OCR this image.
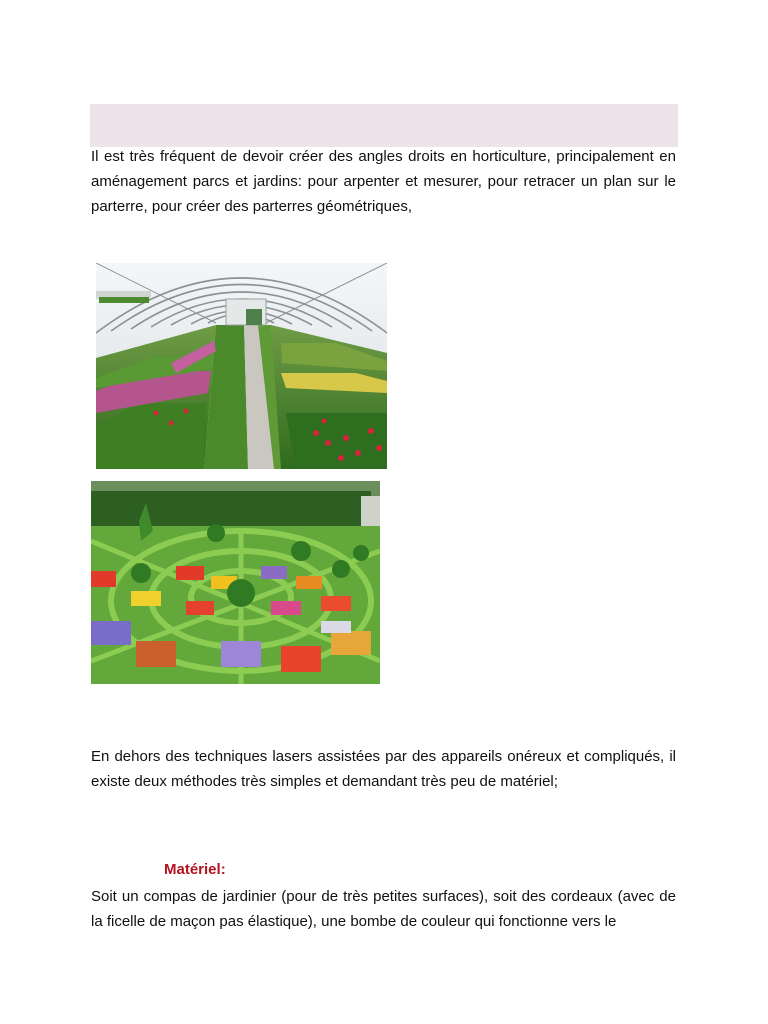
Il est très fréquent de devoir créer des angles droits en horticulture, principalement en aménagement parcs et jardins: pour arpenter et mesurer, pour retracer un plan sur le parterre, pour créer des parterres géométriques,
En dehors des techniques lasers assistées par des appareils onéreux et compliqués, il existe deux méthodes très simples et demandant très peu de matériel;
Matériel:
Soit un compas de jardinier (pour de très petites surfaces), soit des cordeaux (avec de la ficelle de maçon pas élastique), une bombe de couleur qui fonctionne vers le
